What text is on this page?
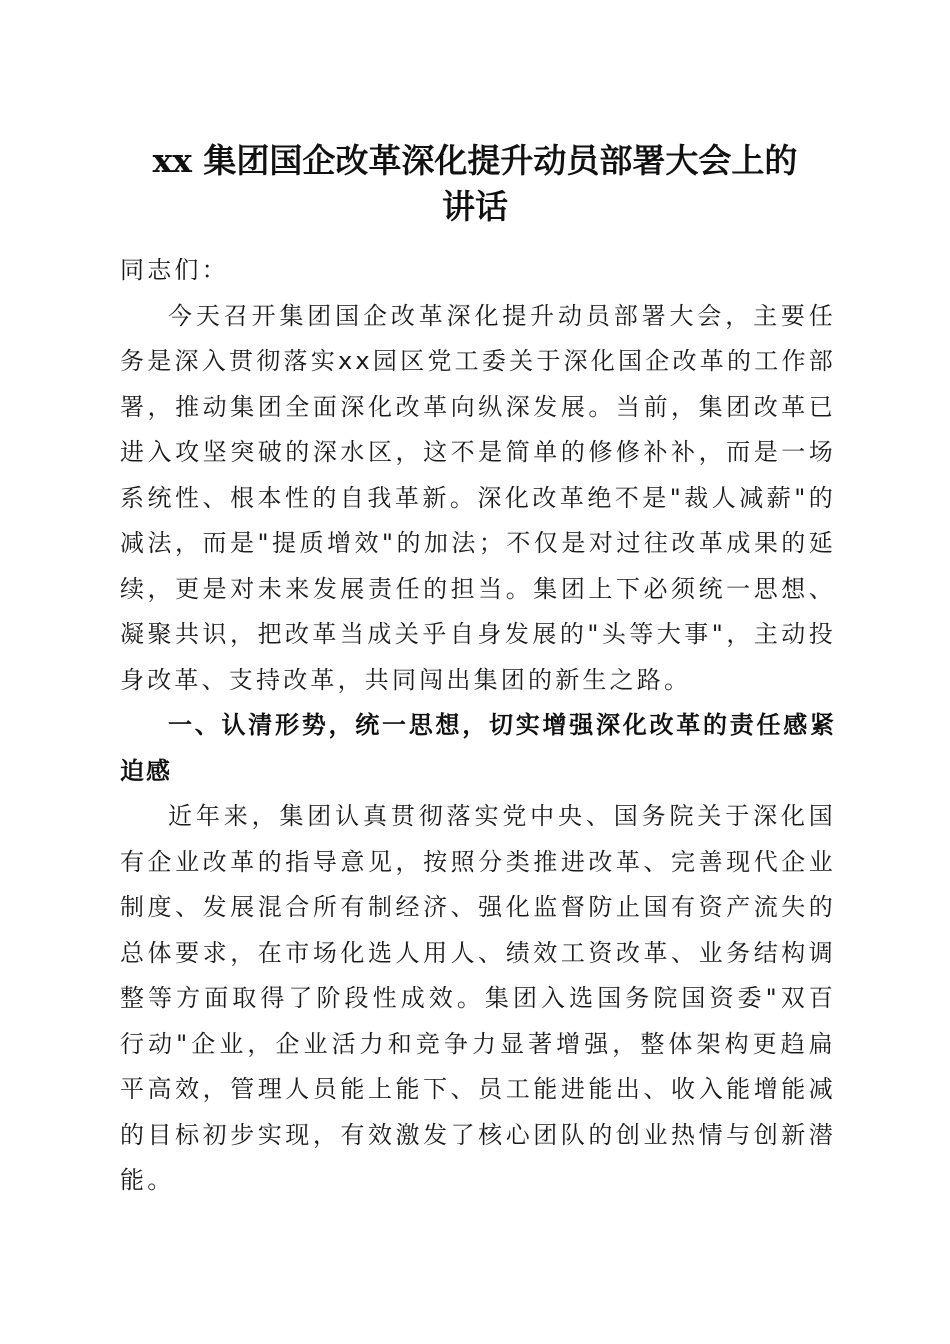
xx 集团国企改革深化提升动员部署大会上的
讲话

同志们：

今天召开集团国企改革深化提升动员部署大会，主要任务是深入贯彻落实xx园区党工委关于深化国企改革的工作部署，推动集团全面深化改革向纵深发展。当前，集团改革已进入攻坚突破的深水区，这不是简单的修修补补，而是一场系统性、根本性的自我革新。深化改革绝不是"裁人减薪"的减法，而是"提质增效"的加法；不仅是对过往改革成果的延续，更是对未来发展责任的担当。集团上下必须统一思想、凝聚共识，把改革当成关乎自身发展的"头等大事"，主动投身改革、支持改革，共同闯出集团的新生之路。

一、认清形势，统一思想，切实增强深化改革的责任感紧迫感

近年来，集团认真贯彻落实党中央、国务院关于深化国有企业改革的指导意见，按照分类推进改革、完善现代企业制度、发展混合所有制经济、强化监督防止国有资产流失的总体要求，在市场化选人用人、绩效工资改革、业务结构调整等方面取得了阶段性成效。集团入选国务院国资委"双百行动"企业，企业活力和竞争力显著增强，整体架构更趋扁平高效，管理人员能上能下、员工能进能出、收入能增能减的目标初步实现，有效激发了核心团队的创业热情与创新潜能。
